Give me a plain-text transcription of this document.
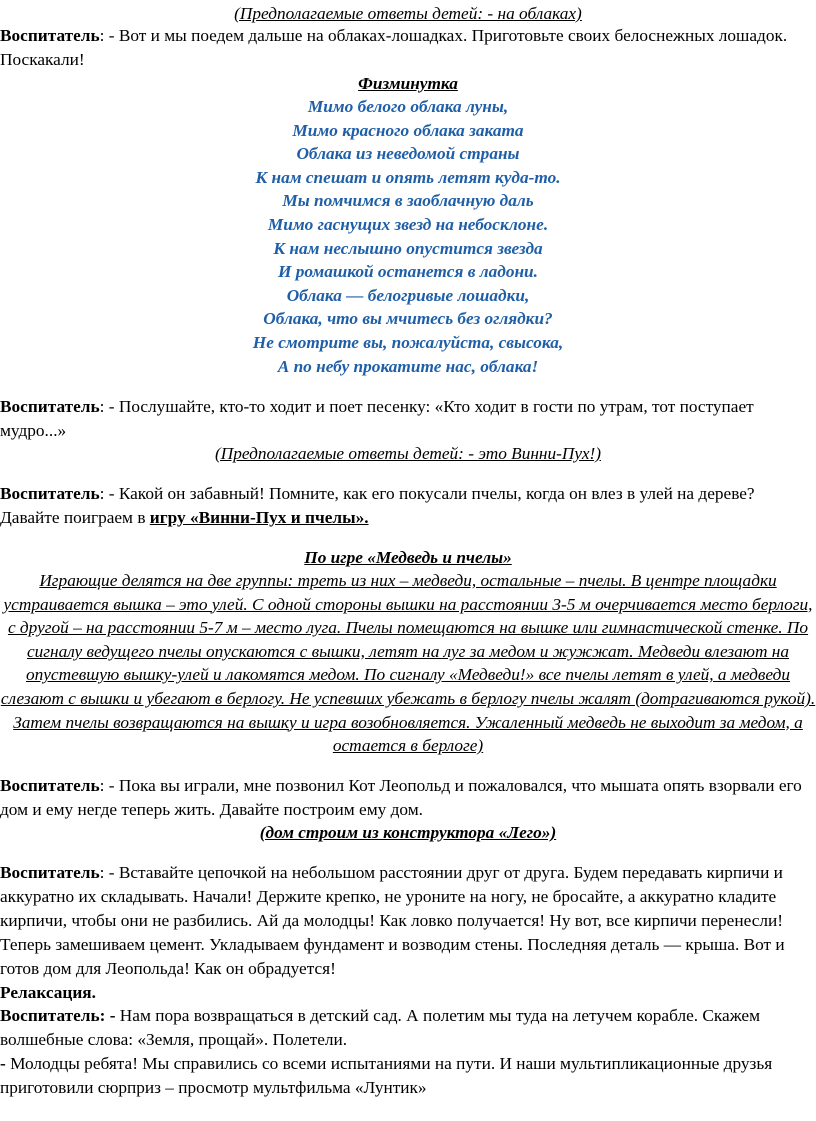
(Предполагаемые ответы детей: - на облаках)

Воспитатель: - Вот и мы поедем дальше на облаках-лошадках. Приготовьте своих белоснежных лошадок. Поскакали!

Физминутка

Мимо белого облака луны,
Мимо красного облака заката
Облака из неведомой страны
К нам спешат и опять летят куда-то.
Мы помчимся в заоблачную даль
Мимо гаснущих звезд на небосклоне.
К нам неслышно опустится звезда
И ромашкой останется в ладони.
Облака — белогривые лошадки,
Облака, что вы мчитесь без оглядки?
Не смотрите вы, пожалуйста, свысока,
А по небу прокатите нас, облака!

Воспитатель: - Послушайте, кто-то ходит и поет песенку: «Кто ходит в гости по утрам, тот поступает мудро...»

(Предполагаемые ответы детей: - это Винни-Пух!)

Воспитатель: - Какой он забавный! Помните, как его покусали пчелы, когда он влез в улей на дереве? Давайте поиграем в игру «Винни-Пух и пчелы».

По игре «Медведь и пчелы»

Играющие делятся на две группы: треть из них – медведи, остальные – пчелы. В центре площадки устраивается вышка – это улей. С одной стороны вышки на расстоянии 3-5 м очерчивается место берлоги, с другой – на расстоянии 5-7 м – место луга. Пчелы помещаются на вышке или гимнастической стенке. По сигналу ведущего пчелы опускаются с вышки, летят на луг за медом и жужжат. Медведи влезают на опустевшую вышку-улей и лакомятся медом. По сигналу «Медведи!» все пчелы летят в улей, а медведи слезают с вышки и убегают в берлогу. Не успевших убежать в берлогу пчелы жалят (дотрагиваются рукой). Затем пчелы возвращаются на вышку и игра возобновляется. Ужаленный медведь не выходит за медом, а остается в берлоге)

Воспитатель: - Пока вы играли, мне позвонил Кот Леопольд и пожаловался, что мышата опять взорвали его дом и ему негде теперь жить. Давайте построим ему дом.

(дом строим из конструктора «Лего»)

Воспитатель: - Вставайте цепочкой на небольшом расстоянии друг от друга. Будем передавать кирпичи и аккуратно их складывать. Начали! Держите крепко, не уроните на ногу, не бросайте, а аккуратно кладите кирпичи, чтобы они не разбились. Ай да молодцы! Как ловко получается! Ну вот, все кирпичи перенесли! Теперь замешиваем цемент. Укладываем фундамент и возводим стены. Последняя деталь — крыша. Вот и готов дом для Леопольда! Как он обрадуется!

Релаксация.

Воспитатель: - Нам пора возвращаться в детский сад. А полетим мы туда на летучем корабле. Скажем волшебные слова: «Земля, прощай». Полетели.

- Молодцы ребята! Мы справились со всеми испытаниями на пути. И наши мультипликационные друзья приготовили сюрприз – просмотр мультфильма «Лунтик»
